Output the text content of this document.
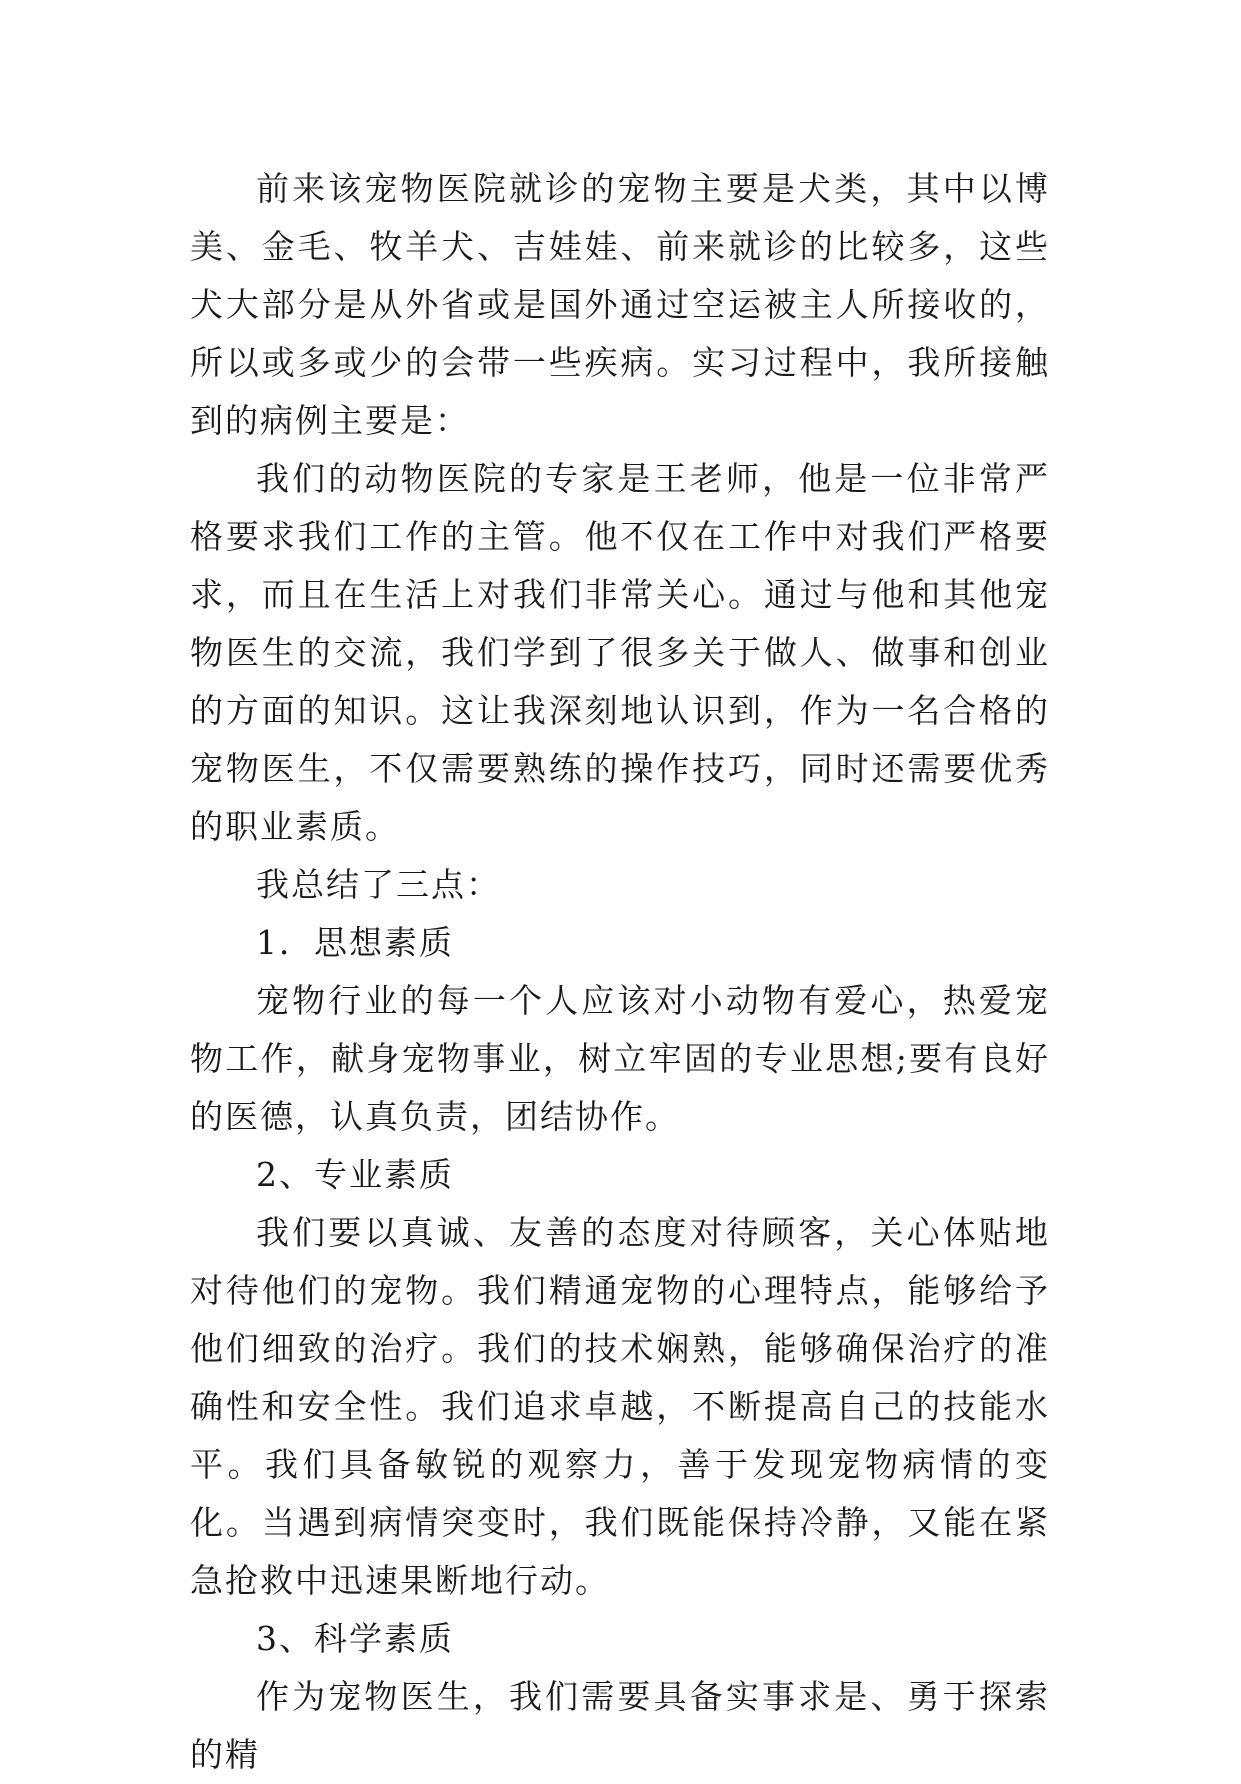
前来该宠物医院就诊的宠物主要是犬类，其中以博美、金毛、牧羊犬、吉娃娃、前来就诊的比较多，这些犬大部分是从外省或是国外通过空运被主人所接收的，所以或多或少的会带一些疾病。实习过程中，我所接触到的病例主要是：

我们的动物医院的专家是王老师，他是一位非常严格要求我们工作的主管。他不仅在工作中对我们严格要求，而且在生活上对我们非常关心。通过与他和其他宠物医生的交流，我们学到了很多关于做人、做事和创业的方面的知识。这让我深刻地认识到，作为一名合格的宠物医生，不仅需要熟练的操作技巧，同时还需要优秀的职业素质。

我总结了三点：

1．思想素质

宠物行业的每一个人应该对小动物有爱心，热爱宠物工作，献身宠物事业，树立牢固的专业思想;要有良好的医德，认真负责，团结协作。

2、专业素质

我们要以真诚、友善的态度对待顾客，关心体贴地对待他们的宠物。我们精通宠物的心理特点，能够给予他们细致的治疗。我们的技术娴熟，能够确保治疗的准确性和安全性。我们追求卓越，不断提高自己的技能水平。我们具备敏锐的观察力，善于发现宠物病情的变化。当遇到病情突变时，我们既能保持冷静，又能在紧急抢救中迅速果断地行动。

3、科学素质

作为宠物医生，我们需要具备实事求是、勇于探索的精
